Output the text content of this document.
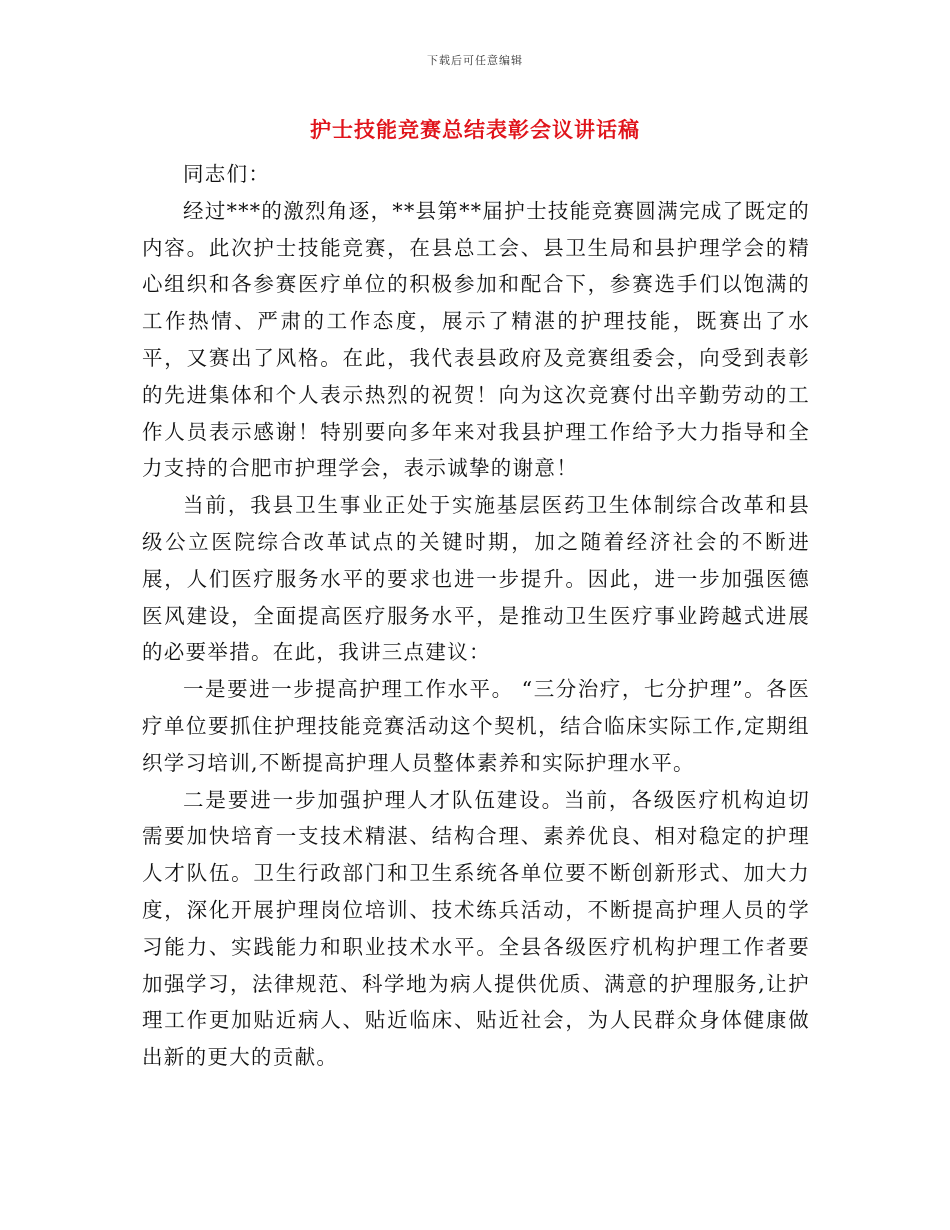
下载后可任意编辑
护士技能竞赛总结表彰会议讲话稿

同志们：

经过***的激烈角逐，**县第**届护士技能竞赛圆满完成了既定的内容。此次护士技能竞赛，在县总工会、县卫生局和县护理学会的精心组织和各参赛医疗单位的积极参加和配合下，参赛选手们以饱满的工作热情、严肃的工作态度，展示了精湛的护理技能，既赛出了水平，又赛出了风格。在此，我代表县政府及竞赛组委会，向受到表彰的先进集体和个人表示热烈的祝贺！向为这次竞赛付出辛勤劳动的工作人员表示感谢！特别要向多年来对我县护理工作给予大力指导和全力支持的合肥市护理学会，表示诚挚的谢意！

当前，我县卫生事业正处于实施基层医药卫生体制综合改革和县级公立医院综合改革试点的关键时期，加之随着经济社会的不断进展，人们医疗服务水平的要求也进一步提升。因此，进一步加强医德医风建设，全面提高医疗服务水平，是推动卫生医疗事业跨越式进展的必要举措。在此，我讲三点建议：

一是要进一步提高护理工作水平。 “三分治疗，七分护理”。各医疗单位要抓住护理技能竞赛活动这个契机，结合临床实际工作,定期组织学习培训,不断提高护理人员整体素养和实际护理水平。

二是要进一步加强护理人才队伍建设。当前，各级医疗机构迫切需要加快培育一支技术精湛、结构合理、素养优良、相对稳定的护理人才队伍。卫生行政部门和卫生系统各单位要不断创新形式、加大力度，深化开展护理岗位培训、技术练兵活动，不断提高护理人员的学习能力、实践能力和职业技术水平。全县各级医疗机构护理工作者要加强学习，法律规范、科学地为病人提供优质、满意的护理服务,让护理工作更加贴近病人、贴近临床、贴近社会，为人民群众身体健康做出新的更大的贡献。
